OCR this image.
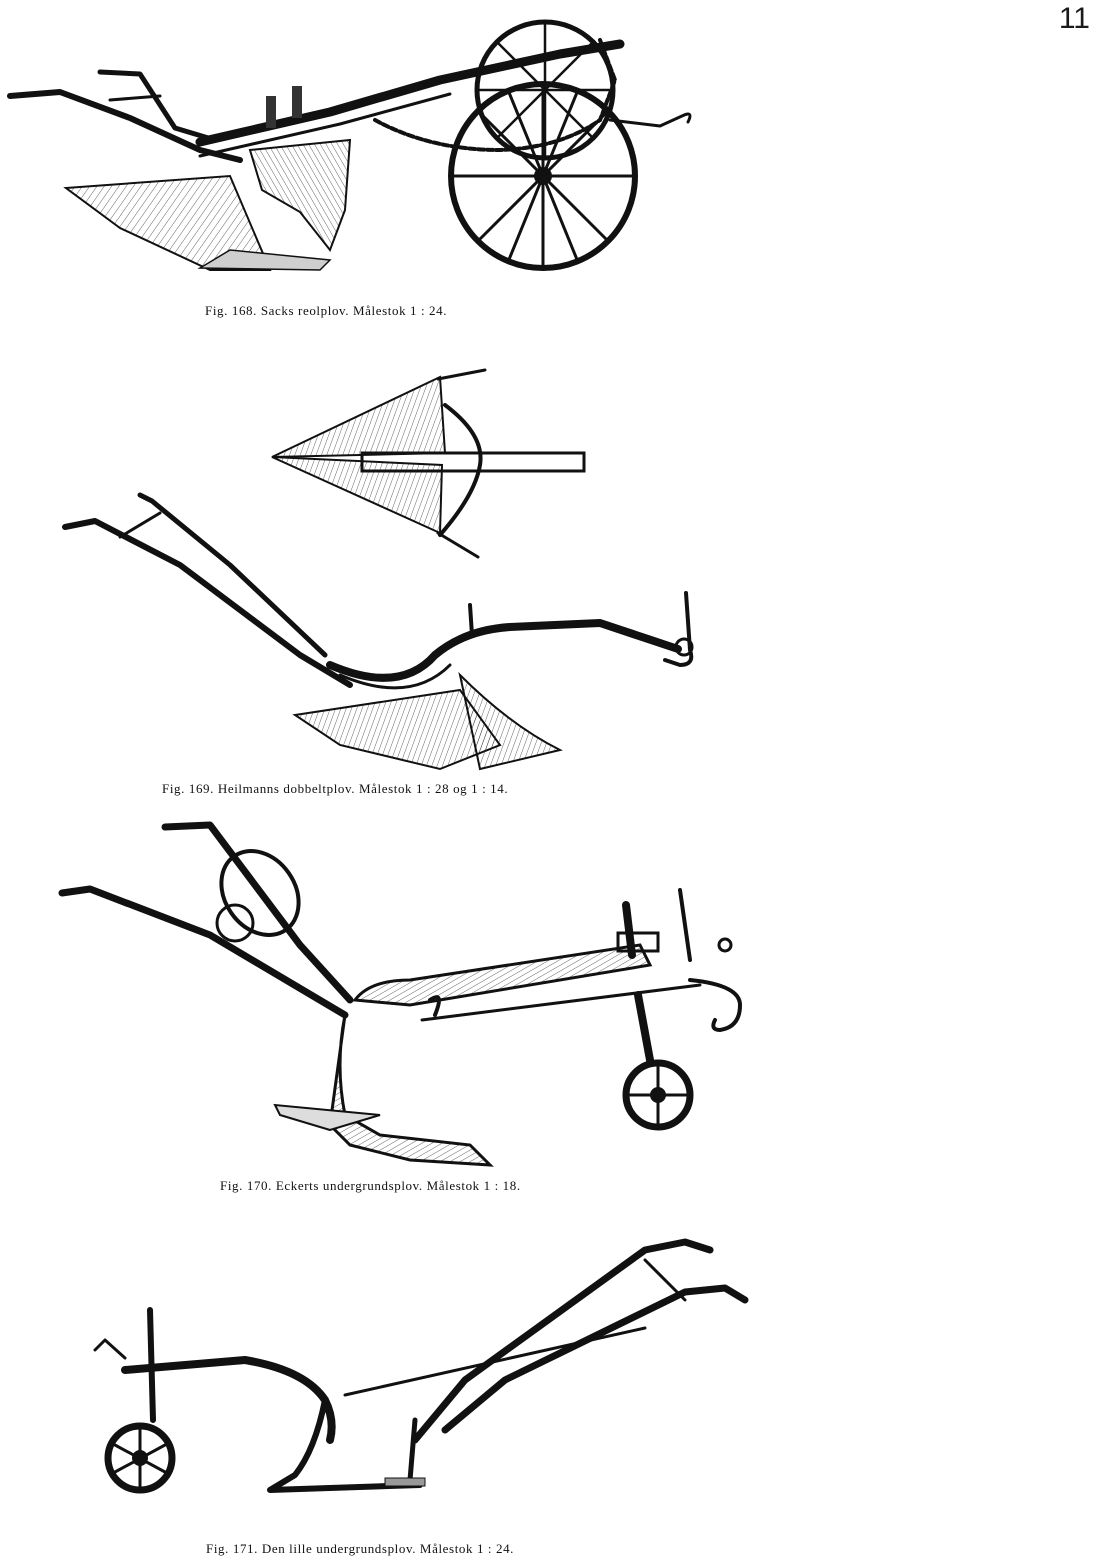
11
Fig. 168. Sacks reolplov. Målestok 1 : 24.
Fig. 169. Heilmanns dobbeltplov. Målestok 1 : 28 og 1 : 14.
Fig. 170. Eckerts undergrundsplov. Målestok 1 : 18.
Fig. 171. Den lille undergrundsplov. Målestok 1 : 24.
